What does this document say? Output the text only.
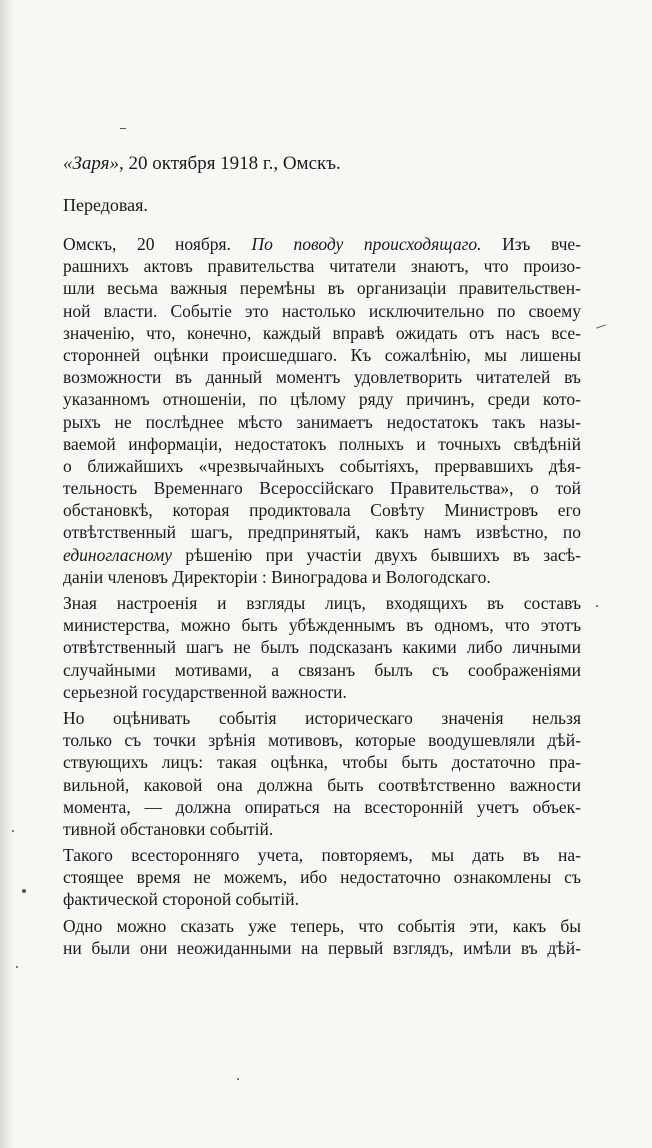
«Заря», 20 октября 1918 г., Омскъ.
Передовая.
Омскъ, 20 ноября. По поводу происходящаго. Изъ вче-
рашнихъ актовъ правительства читатели знаютъ, что произо-
шли весьма важныя перемѣны въ организаціи правительствен-
ной власти. Событіе это настолько исключительно по своему
значенію, что, конечно, каждый вправѣ ожидать отъ насъ все-
сторонней оцѣнки происшедшаго. Къ сожалѣнію, мы лишены
возможности въ данный моментъ удовлетворить читателей въ
указанномъ отношеніи, по цѣлому ряду причинъ, среди кото-
рыхъ не послѣднее мѣсто занимаетъ недостатокъ такъ назы-
ваемой информаціи, недостатокъ полныхъ и точныхъ свѣдѣній
о ближайшихъ «чрезвычайныхъ событіяхъ, прервавшихъ дѣя-
тельность Временнаго Всероссійскаго Правительства», о той
обстановкѣ, которая продиктовала Совѣту Министровъ его
отвѣтственный шагъ, предпринятый, какъ намъ извѣстно, по
единогласному рѣшенію при участіи двухъ бывшихъ въ засѣ-
даніи членовъ Директоріи : Виноградова и Вологодскаго.
Зная настроенія и взгляды лицъ, входящихъ въ составъ
министерства, можно быть убѣжденнымъ въ одномъ, что этотъ
отвѣтственный шагъ не былъ подсказанъ какими либо личными
случайными мотивами, а связанъ былъ съ соображеніями
серьезной государственной важности.
Но оцѣнивать событія историческаго значенія нельзя
только съ точки зрѣнія мотивовъ, которые воодушевляли дѣй-
ствующихъ лицъ: такая оцѣнка, чтобы быть достаточно пра-
вильной, каковой она должна быть соотвѣтственно важности
момента, — должна опираться на всесторонній учетъ объек-
тивной обстановки событій.
Такого всесторонняго учета, повторяемъ, мы дать въ на-
стоящее время не можемъ, ибо недостаточно ознакомлены съ
фактической стороной событій.
Одно можно сказать уже теперь, что событія эти, какъ бы
ни были они неожиданными на первый взглядъ, имѣли въ дѣй-
